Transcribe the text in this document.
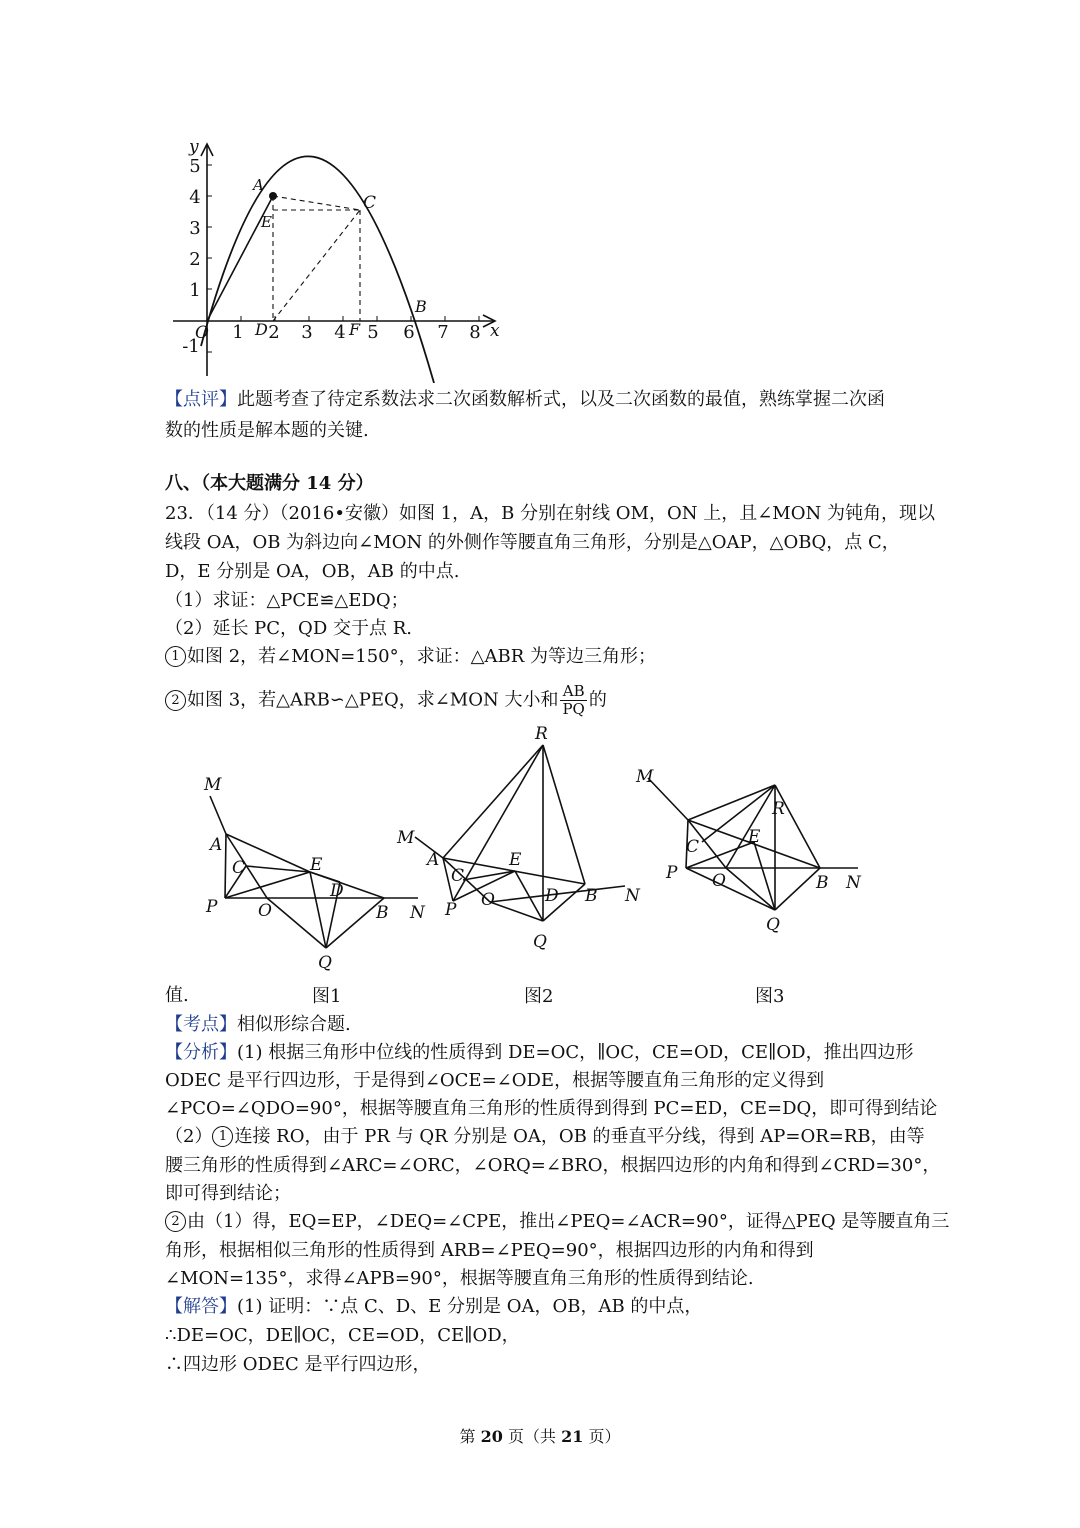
y
x
O
A
E
C
D	F
B
5
4
3
2
1
-1
1 2 3 4 5 6 7 8
【点评】此题考查了待定系数法求二次函数解析式，以及二次函数的最值，熟练掌握二次函
数的性质是解本题的关键.
八、（本大题满分 14 分）
23．（14 分）（2016•安徽）如图 1，A，B 分别在射线 OM，ON 上，且∠MON 为钝角，现以
线段 OA，OB 为斜边向∠MON 的外侧作等腰直角三角形，分别是△OAP，△OBQ，点 C，
D，E 分别是 OA，OB，AB 的中点.
（1）求证：△PCE≌△EDQ；
（2）延长 PC，QD 交于点 R.
1 如图 2，若∠MON=150°，求证：△ABR 为等边三角形；
2 如图 3，若△ARB∽△PEQ，求∠MON 大小和 $\frac{AB}{PQ}$ 的
M
A
C	E
D
P O	B N
Q
R
M
A
C
E
D B N
P O
Q
M
R
E
C
P O	B N
Q
值.	图1	图2	图3
【考点】相似形综合题.
【分析】(1) 根据三角形中位线的性质得到 DE=OC，∥OC，CE=OD，CE∥OD，推出四边形
ODEC 是平行四边形，于是得到∠OCE=∠ODE，根据等腰直角三角形的定义得到
∠PCO=∠QDO=90°，根据等腰直角三角形的性质得到得到 PC=ED，CE=DQ，即可得到结论
（2） 1 连接 RO，由于 PR 与 QR 分别是 OA，OB 的垂直平分线，得到 AP=OR=RB，由等
腰三角形的性质得到∠ARC=∠ORC，∠ORQ=∠BRO，根据四边形的内角和得到∠CRD=30°，
即可得到结论；
2 由（1）得，EQ=EP，∠DEQ=∠CPE，推出∠PEQ=∠ACR=90°，证得△PEQ 是等腰直角三
角形，根据相似三角形的性质得到 ARB=∠PEQ=90°，根据四边形的内角和得到
∠MON=135°，求得∠APB=90°，根据等腰直角三角形的性质得到结论.
【解答】(1) 证明：∵点 C、D、E 分别是 OA，OB，AB 的中点，
∴DE=OC，DE∥OC，CE=OD，CE∥OD，
∴四边形 ODEC 是平行四边形，
第 20 页（共 21 页）
